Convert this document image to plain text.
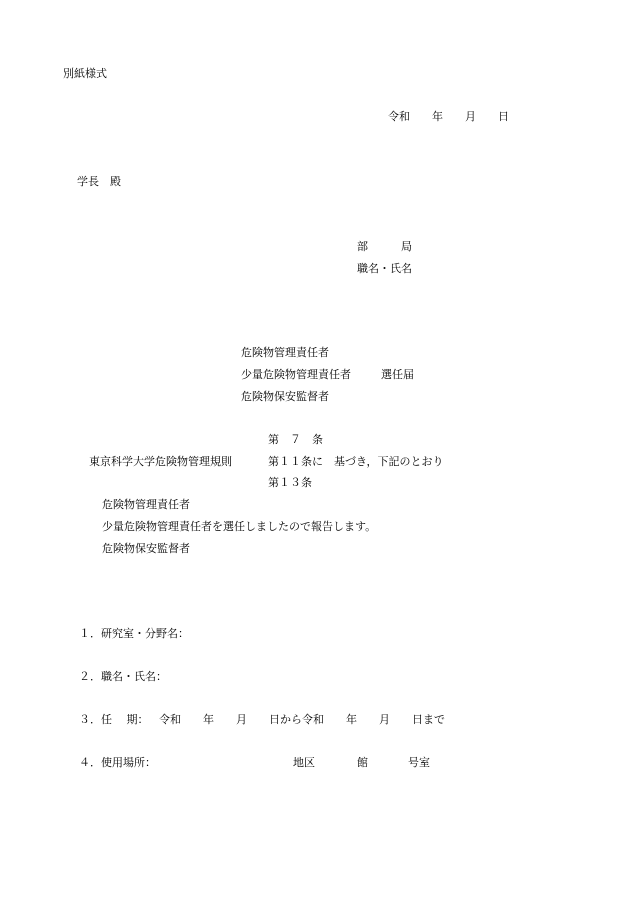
別紙様式
令和　　年　　月　　日
学長　殿
部　　　局
職名・氏名
危険物管理責任者
少量危険物管理責任者	選任届
危険物保安監督者
第　７　条
東京科学大学危険物管理規則	第１１条に 基づき，下記のとおり
第１３条
危険物管理責任者
少量危険物管理責任者を選任しましたので報告します。
危険物保安監督者
１．研究室・分野名：
２．職名・氏名：
３．任　 期： 令和　　年　　月　　日から令和　　年　　月　　日まで
４．使用場所：	地区	館	号室
